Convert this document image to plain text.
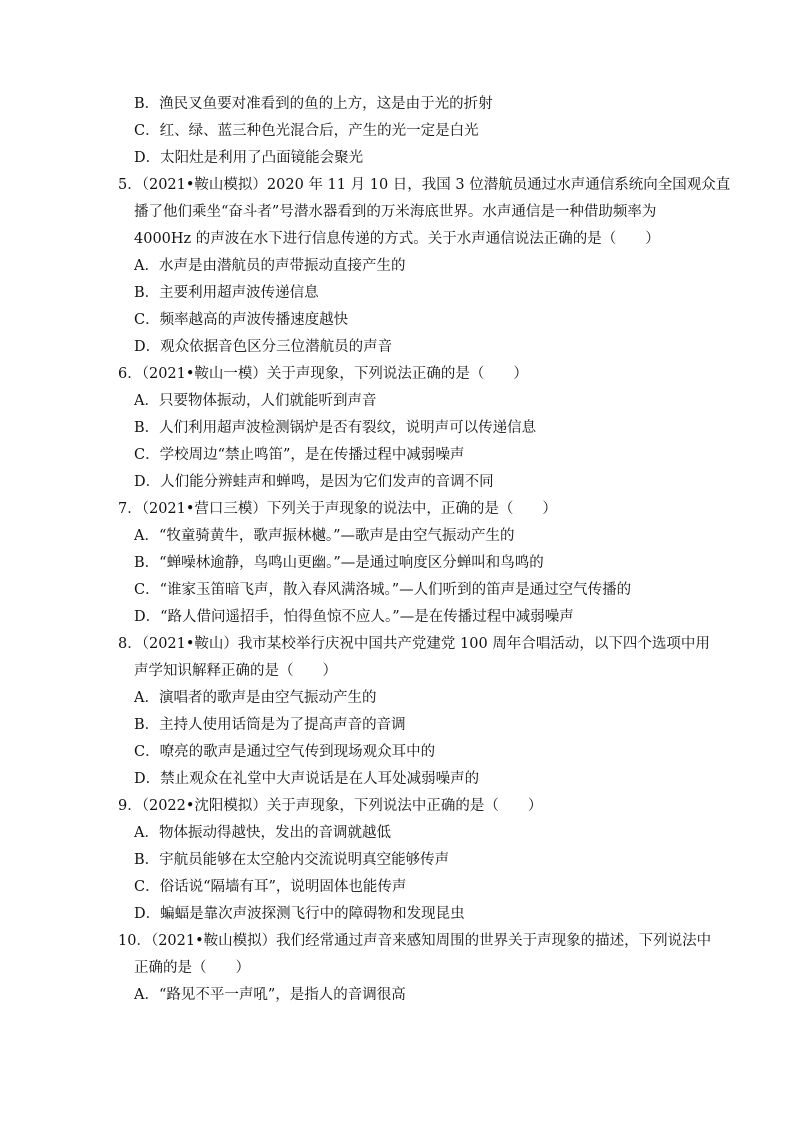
B．渔民叉鱼要对准看到的鱼的上方，这是由于光的折射
C．红、绿、蓝三种色光混合后，产生的光一定是白光
D．太阳灶是利用了凸面镜能会聚光
5．（2021•鞍山模拟）2020 年 11 月 10 日，我国 3 位潜航员通过水声通信系统向全国观众直
播了他们乘坐“奋斗者”号潜水器看到的万米海底世界。水声通信是一种借助频率为
4000Hz 的声波在水下进行信息传递的方式。关于水声通信说法正确的是（　　）
A．水声是由潜航员的声带振动直接产生的
B．主要利用超声波传递信息
C．频率越高的声波传播速度越快
D．观众依据音色区分三位潜航员的声音
6．（2021•鞍山一模）关于声现象，下列说法正确的是（　　）
A．只要物体振动，人们就能听到声音
B．人们利用超声波检测锅炉是否有裂纹，说明声可以传递信息
C．学校周边“禁止鸣笛”，是在传播过程中减弱噪声
D．人们能分辨蛙声和蝉鸣，是因为它们发声的音调不同
7．（2021•营口三模）下列关于声现象的说法中，正确的是（　　）
A．“牧童骑黄牛，歌声振林樾。”—歌声是由空气振动产生的
B．“蝉噪林逾静，鸟鸣山更幽。”—是通过响度区分蝉叫和鸟鸣的
C．“谁家玉笛暗飞声，散入春风满洛城。”—人们听到的笛声是通过空气传播的
D．“路人借问遥招手，怕得鱼惊不应人。”—是在传播过程中减弱噪声
8．（2021•鞍山）我市某校举行庆祝中国共产党建党 100 周年合唱活动，以下四个选项中用
声学知识解释正确的是（　　）
A．演唱者的歌声是由空气振动产生的
B．主持人使用话筒是为了提高声音的音调
C．嘹亮的歌声是通过空气传到现场观众耳中的
D．禁止观众在礼堂中大声说话是在人耳处减弱噪声的
9．（2022•沈阳模拟）关于声现象，下列说法中正确的是（　　）
A．物体振动得越快，发出的音调就越低
B．宇航员能够在太空舱内交流说明真空能够传声
C．俗话说“隔墙有耳”，说明固体也能传声
D．蝙蝠是靠次声波探测飞行中的障碍物和发现昆虫
10．（2021•鞍山模拟）我们经常通过声音来感知周围的世界关于声现象的描述，下列说法中
正确的是（　　）
A．“路见不平一声吼”，是指人的音调很高
